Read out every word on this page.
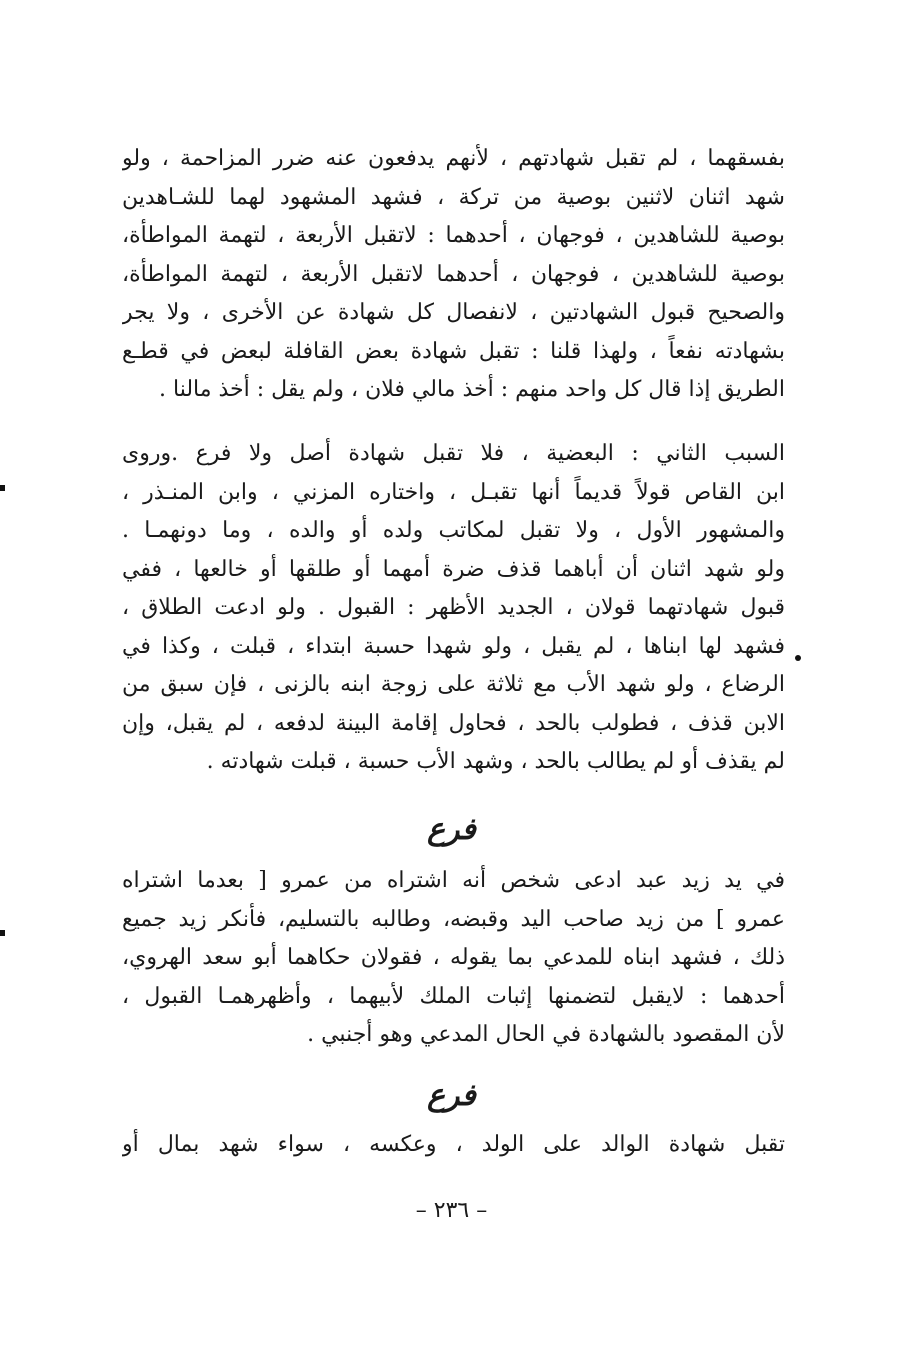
بفسقهما ، لم تقبل شهادتهم ، لأنهم يدفعون عنه ضرر المزاحمة ، ولو
شهد اثنان لاثنين بوصية من تركة ، فشهد المشهود لهما للشـاهدين
بوصية للشاهدين ، فوجهان ، أحدهما : لاتقبل الأربعة ، لتهمة المواطأة،
بوصية للشاهدين ، فوجهان ، أحدهما لاتقبل الأربعة ، لتهمة المواطأة،
والصحيح قبول الشهادتين ، لانفصال كل شهادة عن الأخرى ، ولا يجر
بشهادته نفعاً ، ولهذا قلنا : تقبل شهادة بعض القافلة لبعض في قطـع
الطريق إذا قال كل واحد منهم : أخذ مالي فلان ، ولم يقل : أخذ مالنا .
السبب الثاني : البعضية ، فلا تقبل شهادة أصل ولا فرع .وروى
ابن القاص قولاً قديماً أنها تقبـل ، واختاره المزني ، وابن المنـذر ،
والمشهور الأول ، ولا تقبل لمكاتب ولده أو والده ، وما دونهمـا .
ولو شهد اثنان أن أباهما قذف ضرة أمهما أو طلقها أو خالعها ، ففي
قبول شهادتهما قولان ، الجديد الأظهر : القبول . ولو ادعت الطلاق ،
فشهد لها ابناها ، لم يقبل ، ولو شهدا حسبة ابتداء ، قبلت ، وكذا في
الرضاع ، ولو شهد الأب مع ثلاثة على زوجة ابنه بالزنى ، فإن سبق من
الابن قذف ، فطولب بالحد ، فحاول إقامة البينة لدفعه ، لم يقبل، وإن
لم يقذف أو لم يطالب بالحد ، وشهد الأب حسبة ، قبلت شهادته .
فرع
في يد زيد عبد ادعى شخص أنه اشتراه من عمرو [ بعدما اشتراه
عمرو ] من زيد صاحب اليد وقبضه، وطالبه بالتسليم، فأنكر زيد جميع
ذلك ، فشهد ابناه للمدعي بما يقوله ، فقولان حكاهما أبو سعد الهروي،
أحدهما : لايقبل لتضمنها إثبات الملك لأبيهما ، وأظهرهمـا القبول ،
لأن المقصود بالشهادة في الحال المدعي وهو أجنبي .
فرع
تقبل شهادة الوالد على الولد ، وعكسه ، سواء شهد بمال أو
– ٢٣٦ –
